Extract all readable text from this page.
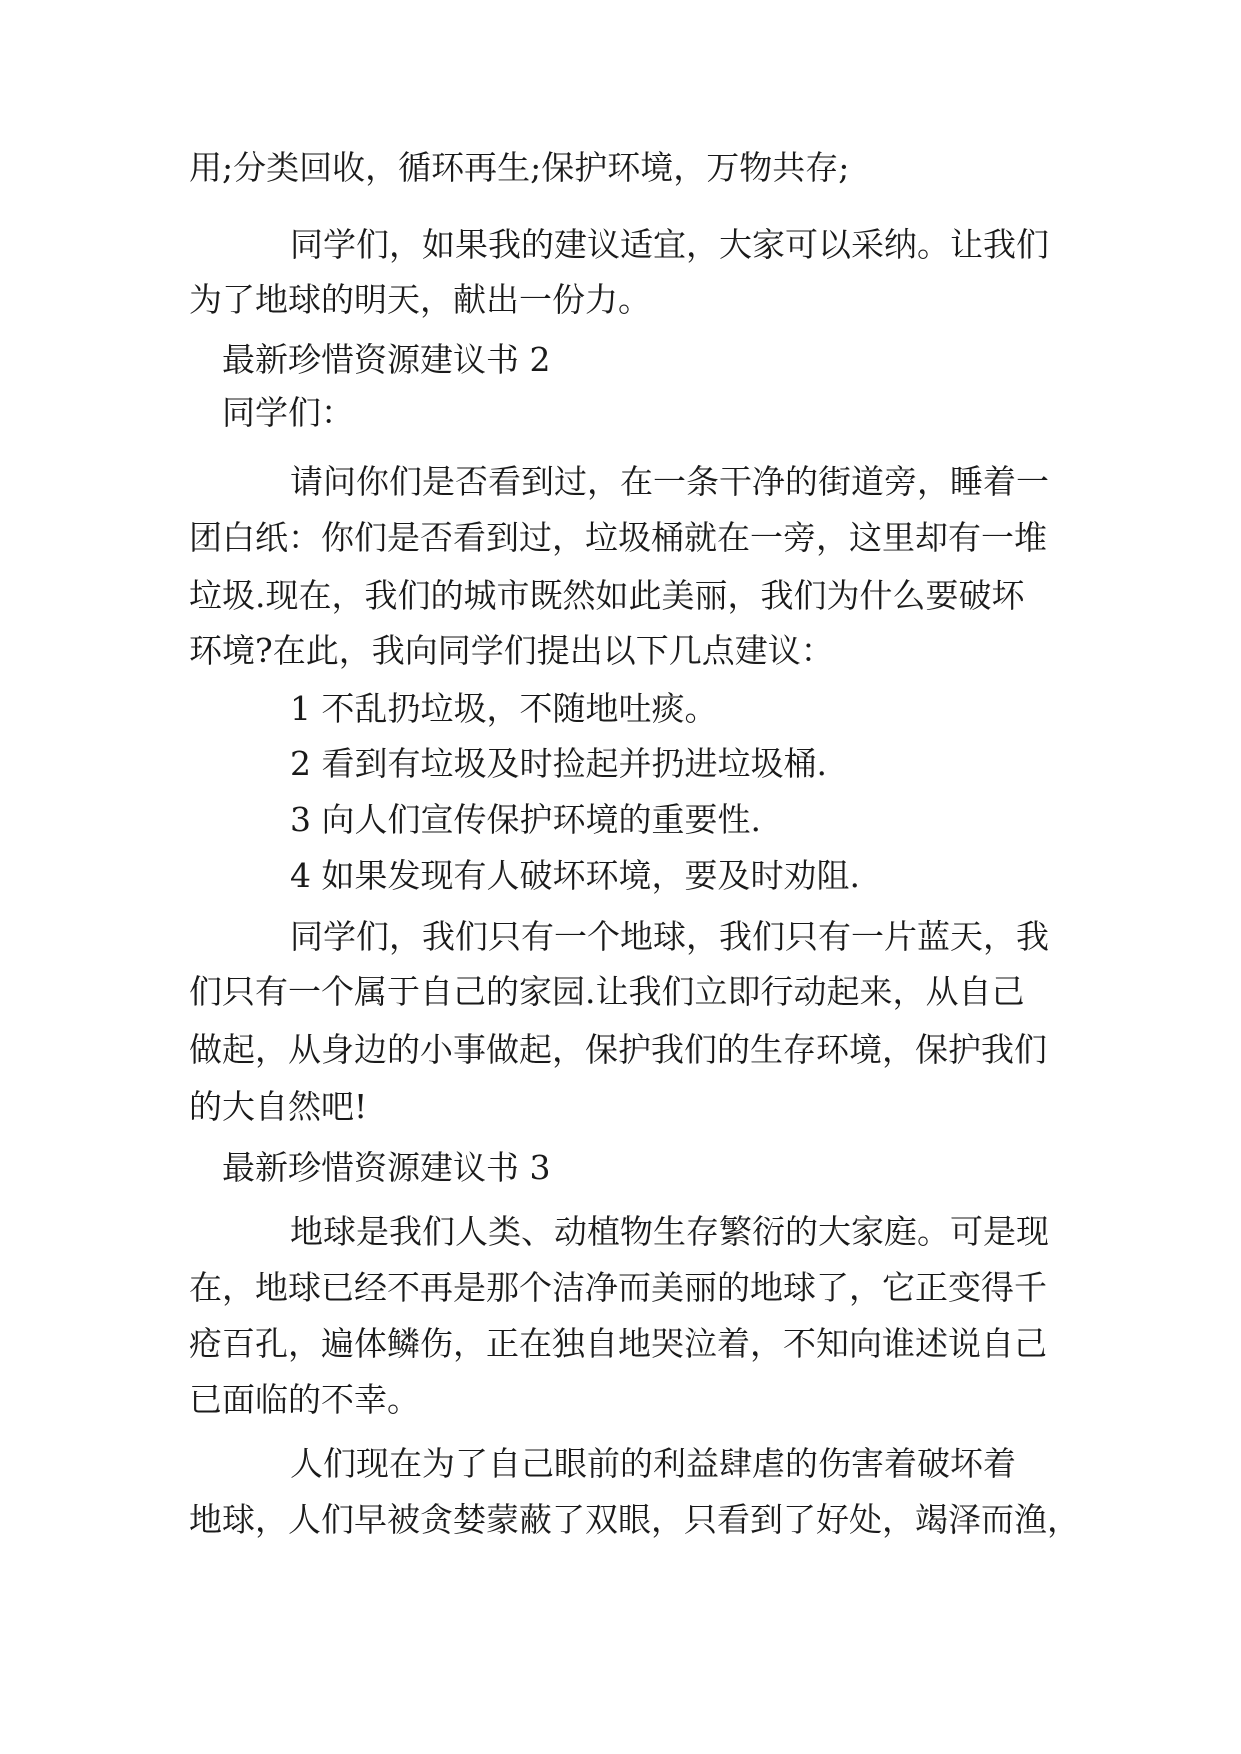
用;分类回收，循环再生;保护环境，万物共存;
同学们，如果我的建议适宜，大家可以采纳。让我们
为了地球的明天，献出一份力。
最新珍惜资源建议书 2
同学们：
请问你们是否看到过，在一条干净的街道旁，睡着一
团白纸：你们是否看到过，垃圾桶就在一旁，这里却有一堆
垃圾.现在，我们的城市既然如此美丽，我们为什么要破坏
环境?在此，我向同学们提出以下几点建议：
1 不乱扔垃圾，不随地吐痰。
2 看到有垃圾及时捡起并扔进垃圾桶.
3 向人们宣传保护环境的重要性.
4 如果发现有人破坏环境，要及时劝阻.
同学们，我们只有一个地球，我们只有一片蓝天，我
们只有一个属于自己的家园.让我们立即行动起来，从自己
做起，从身边的小事做起，保护我们的生存环境，保护我们
的大自然吧!
最新珍惜资源建议书 3
地球是我们人类、动植物生存繁衍的大家庭。可是现
在，地球已经不再是那个洁净而美丽的地球了，它正变得千
疮百孔，遍体鳞伤，正在独自地哭泣着，不知向谁述说自己
已面临的不幸。
人们现在为了自己眼前的利益肆虐的伤害着破坏着
地球，人们早被贪婪蒙蔽了双眼，只看到了好处，竭泽而渔，
